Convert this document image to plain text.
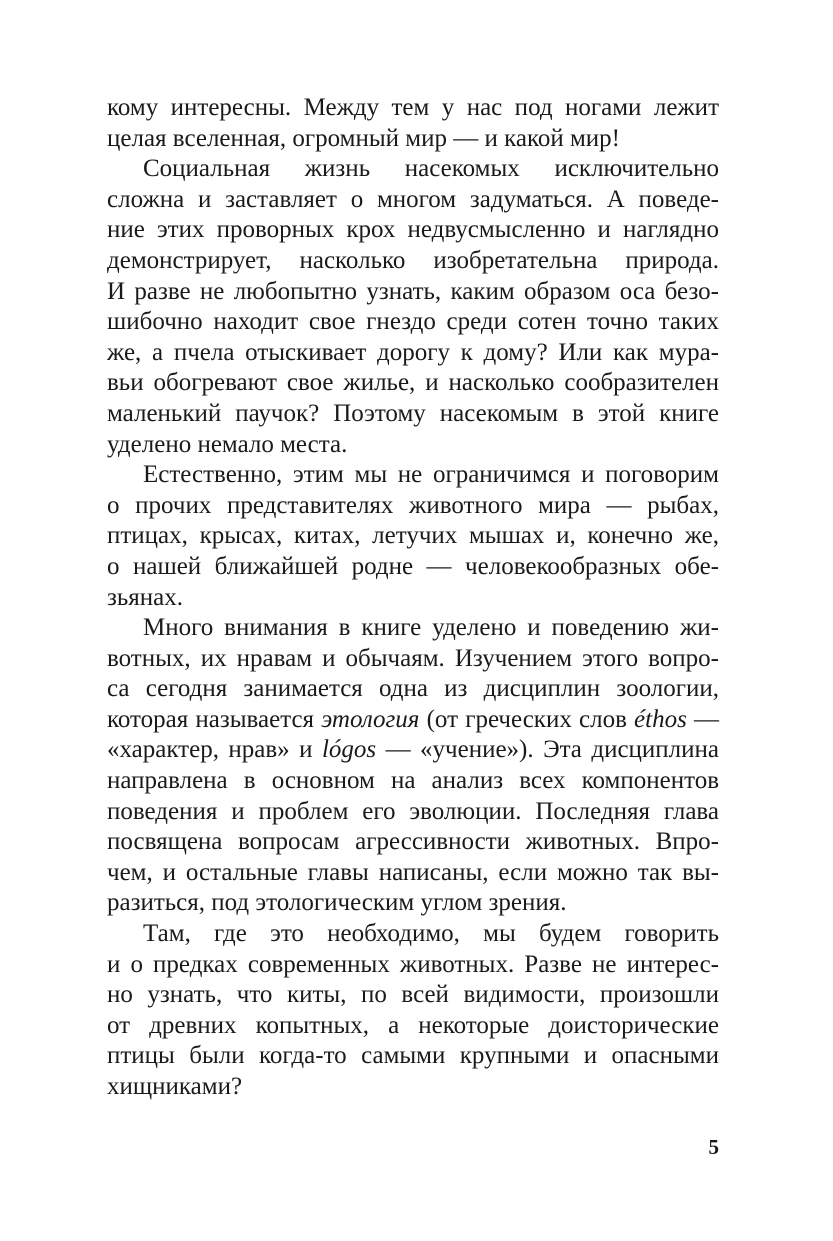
кому интересны. Между тем у нас под ногами лежит
целая вселенная, огромный мир — и какой мир!
Социальная жизнь насекомых исключительно
сложна и заставляет о многом задуматься. А поведе-
ние этих проворных крох недвусмысленно и наглядно
демонстрирует, насколько изобретательна природа.
И разве не любопытно узнать, каким образом оса безо-
шибочно находит свое гнездо среди сотен точно таких
же, а пчела отыскивает дорогу к дому? Или как мура-
вьи обогревают свое жилье, и насколько сообразителен
маленький паучок? Поэтому насекомым в этой книге
уделено немало места.
Естественно, этим мы не ограничимся и поговорим
о прочих представителях животного мира — рыбах,
птицах, крысах, китах, летучих мышах и, конечно же,
о нашей ближайшей родне — человекообразных обе-
зьянах.
Много внимания в книге уделено и поведению жи-
вотных, их нравам и обычаям. Изучением этого вопро-
са сегодня занимается одна из дисциплин зоологии,
которая называется этология (от греческих слов éthos —
«характер, нрав» и lógos — «учение»). Эта дисциплина
направлена в основном на анализ всех компонентов
поведения и проблем его эволюции. Последняя глава
посвящена вопросам агрессивности животных. Впро-
чем, и остальные главы написаны, если можно так вы-
разиться, под этологическим углом зрения.
Там, где это необходимо, мы будем говорить
и о предках современных животных. Разве не интерес-
но узнать, что киты, по всей видимости, произошли
от древних копытных, а некоторые доисторические
птицы были когда-то самыми крупными и опасными
хищниками?
5
